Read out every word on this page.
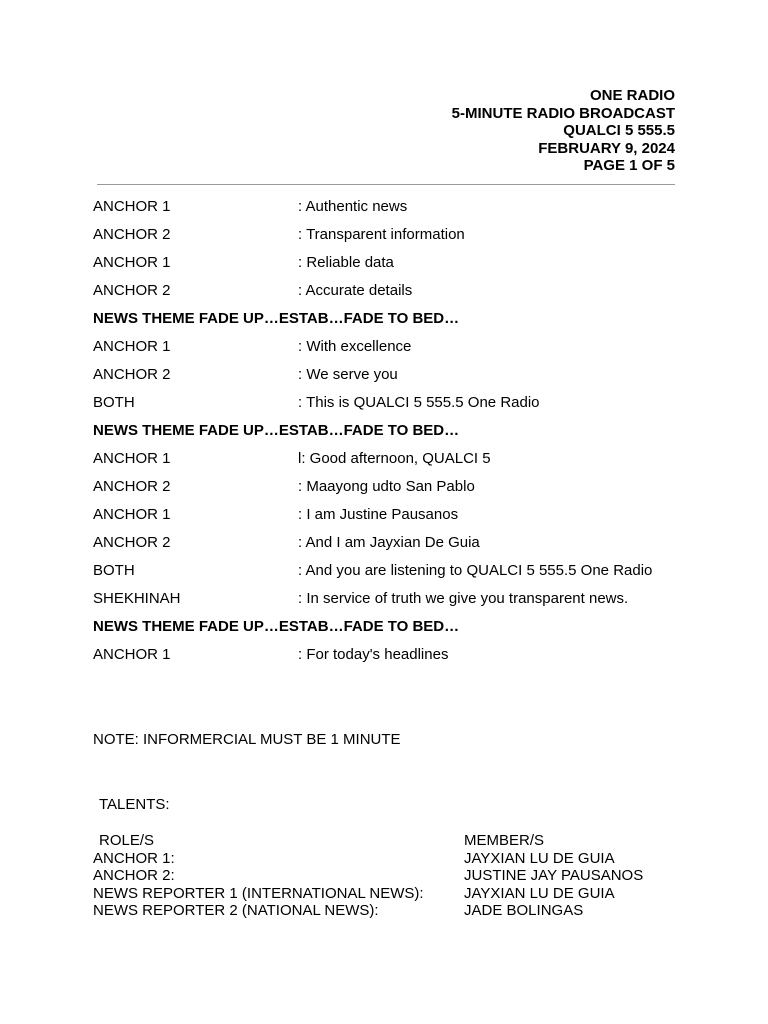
ONE RADIO
5-MINUTE RADIO BROADCAST
QUALCI 5 555.5
FEBRUARY 9, 2024
PAGE 1 OF 5
ANCHOR 1	: Authentic news
ANCHOR 2	: Transparent information
ANCHOR 1	: Reliable data
ANCHOR 2	: Accurate details
NEWS THEME FADE UP…ESTAB…FADE TO BED…
ANCHOR 1	: With excellence
ANCHOR 2	: We serve you
BOTH	: This is QUALCI 5 555.5 One Radio
NEWS THEME FADE UP…ESTAB…FADE TO BED…
ANCHOR 1	l: Good afternoon, QUALCI 5
ANCHOR 2	: Maayong udto San Pablo
ANCHOR 1	: I am Justine Pausanos
ANCHOR 2	: And I am Jayxian De Guia
BOTH	: And you are listening to QUALCI 5 555.5 One Radio
SHEKHINAH	: In service of truth we give you transparent news.
NEWS THEME FADE UP…ESTAB…FADE TO BED…
ANCHOR 1	: For today's headlines
NOTE: INFORMERCIAL MUST BE 1 MINUTE
TALENTS:
ROLE/S	MEMBER/S
ANCHOR 1:	JAYXIAN LU DE GUIA
ANCHOR 2:	JUSTINE JAY PAUSANOS
NEWS REPORTER 1 (INTERNATIONAL NEWS):	JAYXIAN LU DE GUIA
NEWS REPORTER 2 (NATIONAL NEWS):	JADE BOLINGAS
